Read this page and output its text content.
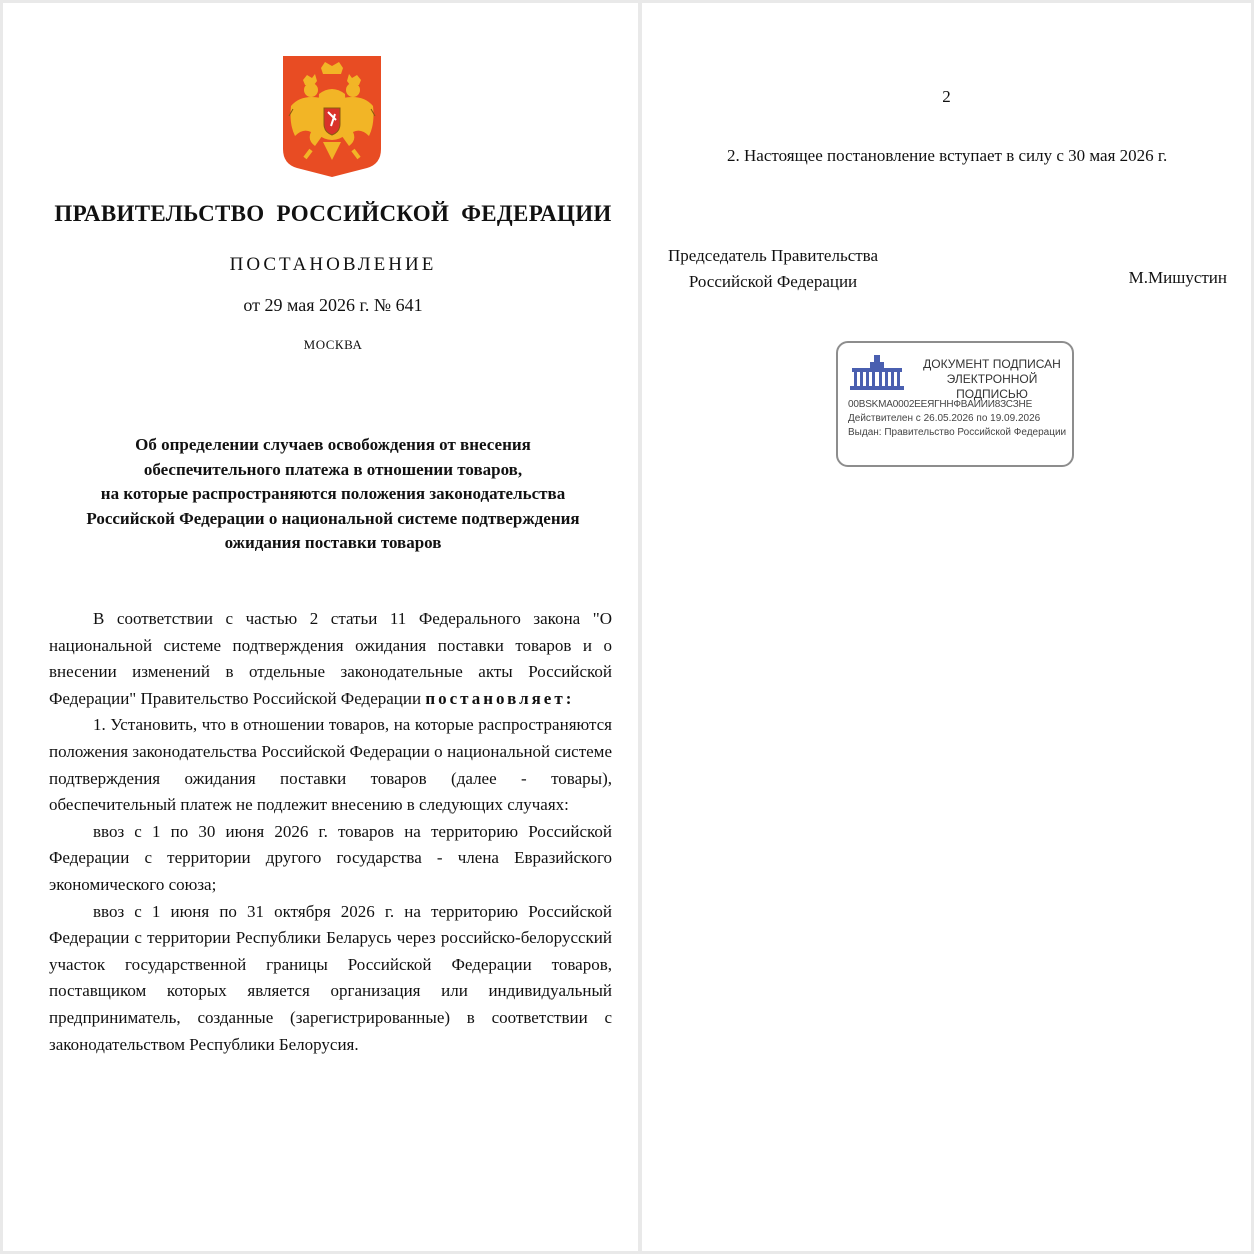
ПРАВИТЕЛЬСТВО  РОССИЙСКОЙ  ФЕДЕРАЦИИ
ПОСТАНОВЛЕНИЕ
от 29 мая 2026 г. № 641
МОСКВА
Об определении случаев освобождения от внесения
обеспечительного платежа в отношении товаров,
на которые распространяются положения законодательства
Российской Федерации о национальной системе подтверждения
ожидания поставки товаров

В соответствии с частью 2 статьи 11 Федерального закона "О национальной системе подтверждения ожидания поставки товаров и о внесении изменений в отдельные законодательные акты Российской Федерации" Правительство Российской Федерации постановляет:

1. Установить, что в отношении товаров, на которые распространяются положения законодательства Российской Федерации о национальной системе подтверждения ожидания поставки товаров (далее - товары), обеспечительный платеж не подлежит внесению в следующих случаях:

ввоз с 1 по 30 июня 2026 г. товаров на территорию Российской Федерации с территории другого государства - члена Евразийского экономического союза;

ввоз с 1 июня по 31 октября 2026 г. на территорию Российской Федерации с территории Республики Беларусь через российско-белорусский участок государственной границы Российской Федерации товаров, поставщиком которых является организация или индивидуальный предприниматель, созданные (зарегистрированные) в соответствии с законодательством Республики Белорусия.

2
2. Настоящее постановление вступает в силу с 30 мая 2026 г.
Председатель Правительства
Российской Федерации	М.Мишустин
ДОКУМЕНТ ПОДПИСАН
ЭЛЕКТРОННОЙ ПОДПИСЬЮ
00BSKMA0002EEЯГННФBAИИИ8ЗСЗНЕ
Действителен с 26.05.2026 по 19.09.2026
Выдан: Правительство Российской Федерации
